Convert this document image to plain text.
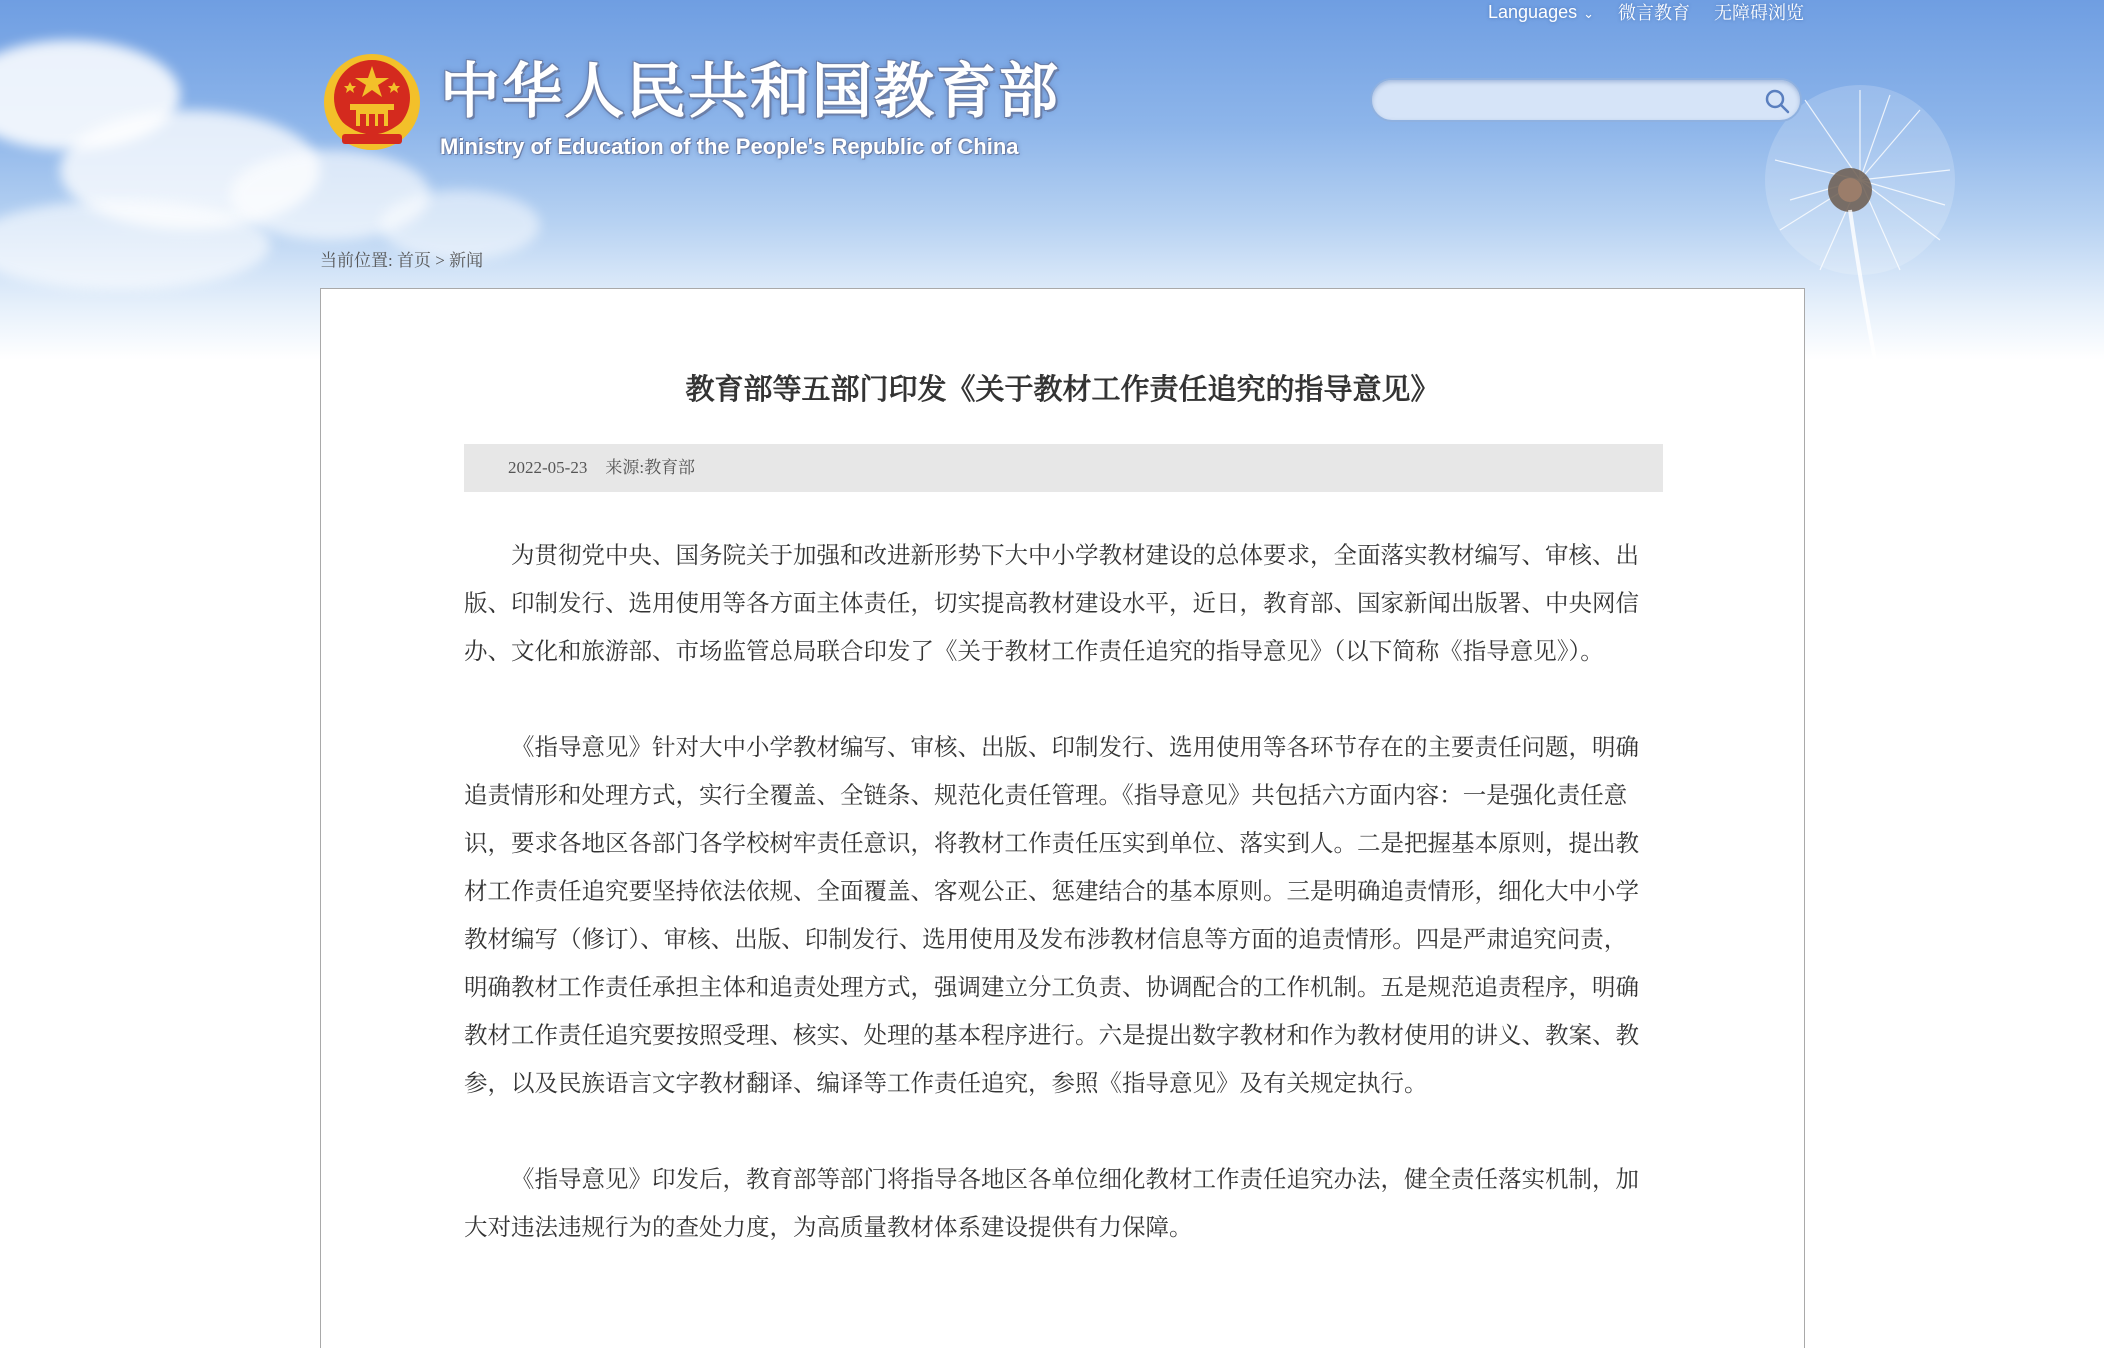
Languages ⌄ 微言教育 无障碍浏览
中华人民共和国教育部
Ministry of Education of the People's Republic of China
当前位置: 首页 > 新闻
教育部等五部门印发《关于教材工作责任追究的指导意见》
2022-05-23 来源:教育部

为贯彻党中央、国务院关于加强和改进新形势下大中小学教材建设的总体要求，全面落实教材编写、审核、出版、印制发行、选用使用等各方面主体责任，切实提高教材建设水平，近日，教育部、国家新闻出版署、中央网信办、文化和旅游部、市场监管总局联合印发了《关于教材工作责任追究的指导意见》（以下简称《指导意见》）。

《指导意见》针对大中小学教材编写、审核、出版、印制发行、选用使用等各环节存在的主要责任问题，明确追责情形和处理方式，实行全覆盖、全链条、规范化责任管理。《指导意见》共包括六方面内容：一是强化责任意识，要求各地区各部门各学校树牢责任意识，将教材工作责任压实到单位、落实到人。二是把握基本原则，提出教材工作责任追究要坚持依法依规、全面覆盖、客观公正、惩建结合的基本原则。三是明确追责情形，细化大中小学教材编写（修订）、审核、出版、印制发行、选用使用及发布涉教材信息等方面的追责情形。四是严肃追究问责，明确教材工作责任承担主体和追责处理方式，强调建立分工负责、协调配合的工作机制。五是规范追责程序，明确教材工作责任追究要按照受理、核实、处理的基本程序进行。六是提出数字教材和作为教材使用的讲义、教案、教参，以及民族语言文字教材翻译、编译等工作责任追究，参照《指导意见》及有关规定执行。

《指导意见》印发后，教育部等部门将指导各地区各单位细化教材工作责任追究办法，健全责任落实机制，加大对违法违规行为的查处力度，为高质量教材体系建设提供有力保障。
